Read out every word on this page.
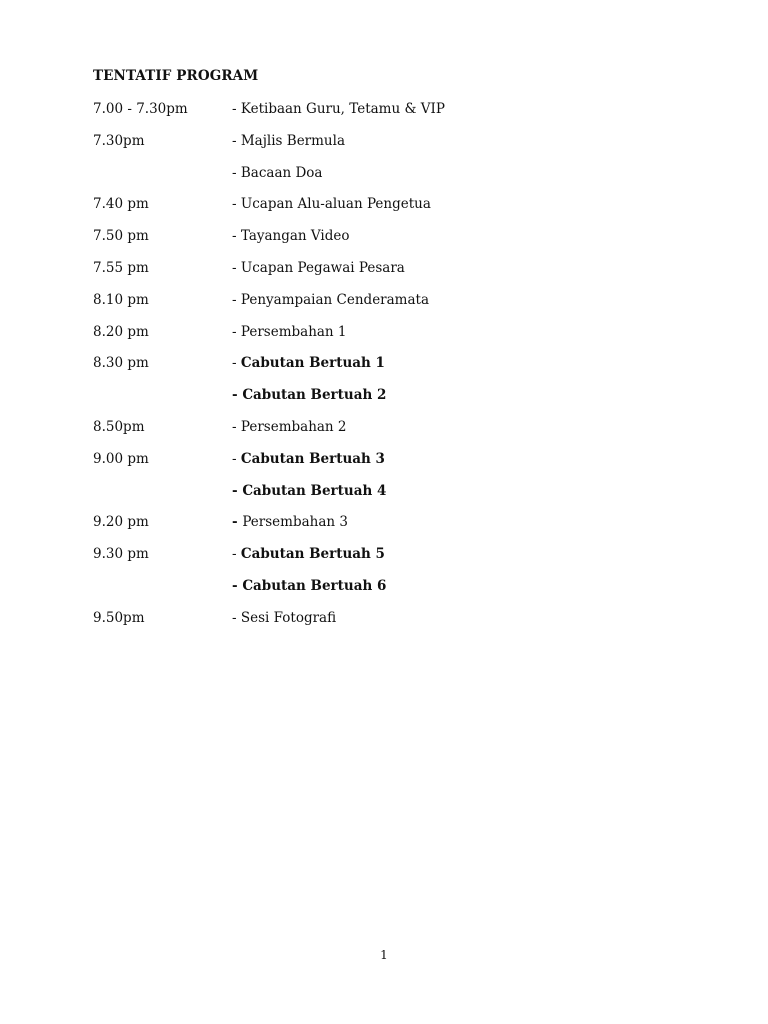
TENTATIF PROGRAM
7.00 - 7.30pm	- Ketibaan Guru, Tetamu & VIP
7.30pm	- Majlis Bermula
- Bacaan Doa
7.40 pm	- Ucapan Alu-aluan Pengetua
7.50 pm	- Tayangan Video
7.55 pm	- Ucapan Pegawai Pesara
8.10 pm	- Penyampaian Cenderamata
8.20 pm	- Persembahan 1
8.30 pm	- Cabutan Bertuah 1
- Cabutan Bertuah 2
8.50pm	- Persembahan 2
9.00 pm	- Cabutan Bertuah 3
- Cabutan Bertuah 4
9.20 pm	- Persembahan 3
9.30 pm	- Cabutan Bertuah 5
- Cabutan Bertuah 6
9.50pm	- Sesi Fotografi
1
